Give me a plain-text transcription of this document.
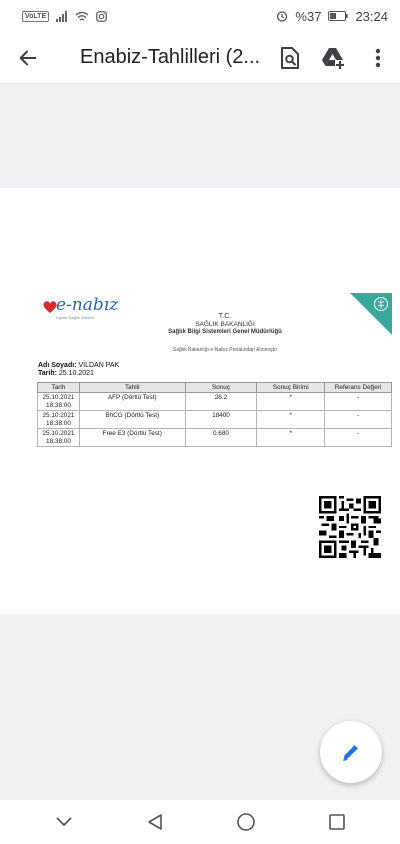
VoLTE	%37	23:24
Enabiz-Tahlilleri (2...
e-nabız
Kişisel Sağlık Sistemi	T.C.
SAĞLIK BAKANLIĞI
Sağlık Bilgi Sistemleri Genel Müdürlüğü
Sağlık Bakanlığı e-Nabız Portalından Alınmıştır
Adı Soyadı: VİLDAN PAK
Tarih: 25.10.2021
Tarih	Tahlil	Sonuç	Sonuç Birimi	Referans Değeri
25.10.2021
18:38:00	AFP (Dörtlü Test)	26.2	*	-
25.10.2021
18:38:00	BhCG (Dörtlü Test)	18400	*	-
25.10.2021
18:38:00	Free E3 (Dörtlü Test)	0.680	*	-
